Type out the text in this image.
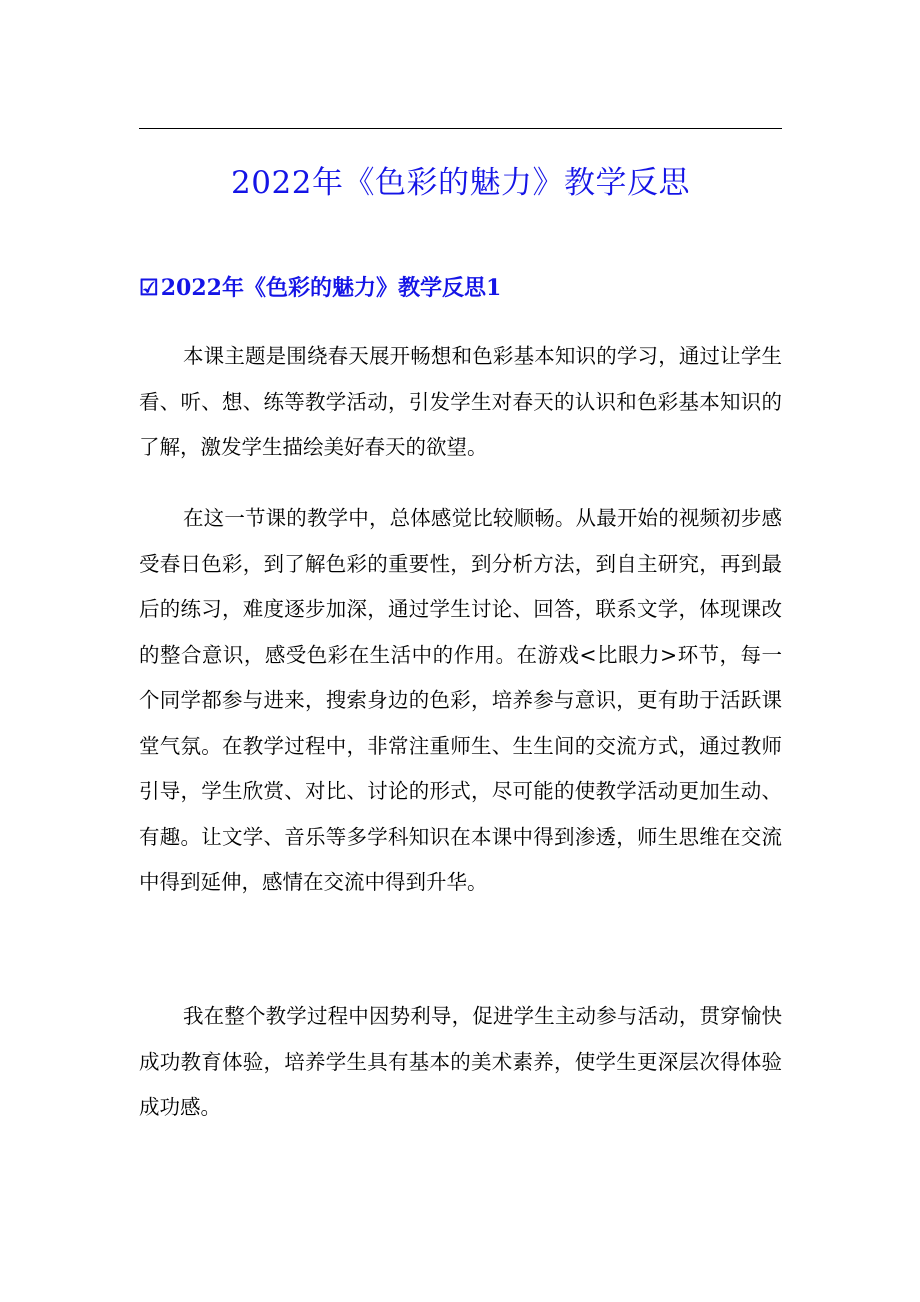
2022年《色彩的魅力》教学反思
☑2022年《色彩的魅力》教学反思1

本课主题是围绕春天展开畅想和色彩基本知识的学习，通过让学生看、听、想、练等教学活动，引发学生对春天的认识和色彩基本知识的了解，激发学生描绘美好春天的欲望。

在这一节课的教学中，总体感觉比较顺畅。从最开始的视频初步感受春日色彩，到了解色彩的重要性，到分析方法，到自主研究，再到最后的练习，难度逐步加深，通过学生讨论、回答，联系文学，体现课改的整合意识，感受色彩在生活中的作用。在游戏<比眼力>环节，每一个同学都参与进来，搜索身边的色彩，培养参与意识，更有助于活跃课堂气氛。在教学过程中，非常注重师生、生生间的交流方式，通过教师引导，学生欣赏、对比、讨论的形式，尽可能的使教学活动更加生动、有趣。让文学、音乐等多学科知识在本课中得到渗透，师生思维在交流中得到延伸，感情在交流中得到升华。

我在整个教学过程中因势利导，促进学生主动参与活动，贯穿愉快成功教育体验，培养学生具有基本的美术素养，使学生更深层次得体验成功感。
